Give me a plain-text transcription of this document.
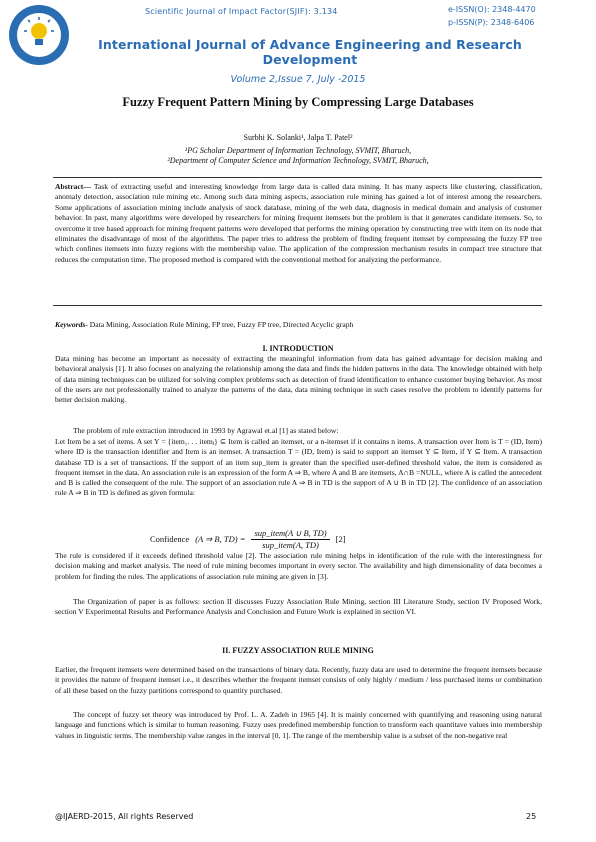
Scientific Journal of Impact Factor(SJIF): 3.134	e-ISSN(O): 2348-4470
p-ISSN(P): 2348-6406
International Journal of Advance Engineering and Research Development
Volume 2,Issue 7, July -2015
Fuzzy Frequent Pattern Mining by Compressing Large Databases
Surbhi K. Solanki¹, Jalpa T. Patel²
¹PG Scholar Department of Information Technology, SVMIT, Bharuch,
²Department of Computer Science and Information Technology, SVMIT, Bharuch,
Abstract— Task of extracting useful and interesting knowledge from large data is called data mining. It has many aspects like clustering, classification, anomaly detection, association rule mining etc. Among such data mining aspects, association rule mining has gained a lot of interest among the researchers. Some applications of association mining include analysis of stock database, mining of the web data, diagnosis in medical domain and analysis of customer behavior. In past, many algorithms were developed by researchers for mining frequent itemsets but the problem is that it generates candidate itemsets. So, to overcome it tree based approach for mining frequent patterns were developed that performs the mining operation by constructing tree with item on its node that eliminates the disadvantage of most of the algorithms. The paper tries to address the problem of finding frequent itemset by compressing the fuzzy FP tree which confines itemsets into fuzzy regions with the membership value. The application of the compression mechanism results in compact tree structure that reduces the computation time. The proposed method is compared with the conventional method for analyzing the performance.
Keywords- Data Mining, Association Rule Mining, FP tree, Fuzzy FP tree, Directed Acyclic graph
I. INTRODUCTION
Data mining has become an important as necessity of extracting the meaningful information from data has gained advantage for decision making and behavioral analysis [1]. It also focuses on analyzing the relationship among the data and finds the hidden patterns in the data. The knowledge obtained with help of data mining techniques can be utilized for solving complex problems such as detection of fraud identification to enhance customer buying behavior. As most of the users are not professionally trained to analyze the patterns of the data, data mining technique in such cases resolve the problem to identify patterns for better decision making.
The problem of rule extraction introduced in 1993 by Agrawal et.al [1] as stated below:
Let Item be a set of items. A set Y = {item₁. . . itemⱼ} ⊆ Item is called an itemset, or a n-itemset if it contains n items. A transaction over Item is T = (ID, Item) where ID is the transaction identifier and Item is an itemset. A transaction T = (ID, Item) is said to support an itemset Y ⊆ Item, if Y ⊆ Item. A transaction database TD is a set of transactions. If the support of an item sup_item is greater than the specified user-defined threshold value, the item is considered as frequent itemset in the data. An association rule is an expression of the form A ⇒ B, where A and B are itemsets, A∩B =NULL, where A is called the antecedent and B is called the consequent of the rule. The support of an association rule A ⇒ B in TD is the support of A ∪ B in TD [2]. The confidence of an association rule A ⇒ B in TD is defined as given formula:
Confidence (A ⇒ B, $TD) = \frac{\text{sup\_item(A ∪ B, TD)}}{\text{sup\_item(A, TD)}} [2]$
The rule is considered if it exceeds defined threshold value [2]. The association rule mining helps in identification of the rule with the interestingness for decision making and market analysis. The need of rule mining becomes important in every sector. The availability and high dimensionality of data becomes a problem for finding the rules. The applications of association rule mining are given in [3].
The Organization of paper is as follows: section II discusses Fuzzy Association Rule Mining, section III Literature Study, section IV Proposed Work, section V Experimental Results and Performance Analysis and Conclusion and Future Work is explained in section VI.
II. FUZZY ASSOCIATION RULE MINING
Earlier, the frequent itemsets were determined based on the transactions of binary data. Recently, fuzzy data are used to determine the frequent itemsets because it provides the nature of frequent itemset i.e., it describes whether the frequent itemset consists of only highly / medium / less purchased items or combination of all these based on the fuzzy partitions correspond to quantity purchased.
The concept of fuzzy set theory was introduced by Prof. L. A. Zadeh in 1965 [4]. It is mainly concerned with quantifying and reasoning using natural language and functions which is similar to human reasoning. Fuzzy uses predefined membership function to transform each quantitave values into membership values in linguistic terms. The membership value ranges in the interval [0, 1]. The range of the membership value is a subset of the non-negative real
@IJAERD-2015, All rights Reserved	25
